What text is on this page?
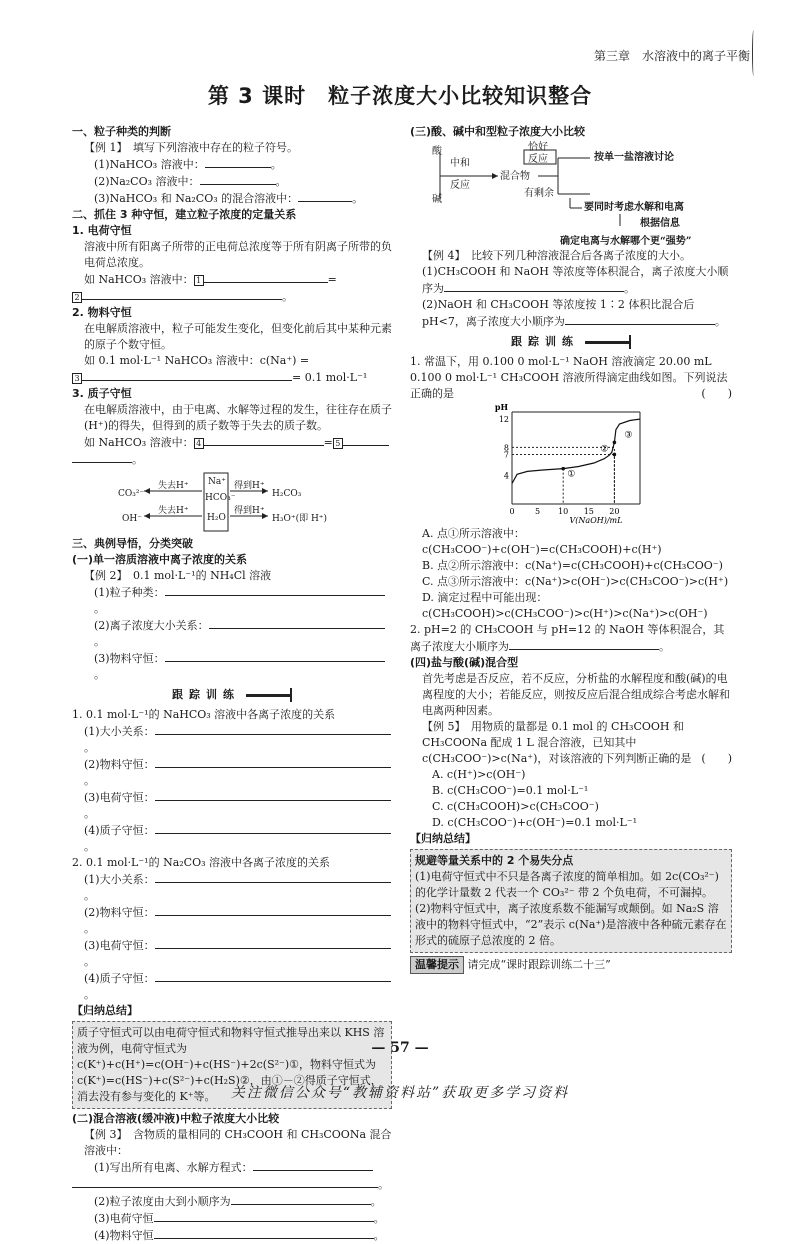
第三章　水溶液中的离子平衡
第 3 课时　粒子浓度大小比较知识整合

一、粒子种类的判断

【例 1】　填写下列溶液中存在的粒子符号。

(1)NaHCO₃ 溶液中：	。

(2)Na₂CO₃ 溶液中：	。

(3)NaHCO₃ 和 Na₂CO₃ 的混合溶液中：	。

二、抓住 3 种守恒，建立粒子浓度的定量关系

1. 电荷守恒

溶液中所有阳离子所带的正电荷总浓度等于所有阴离子所带的负电荷总浓度。

如 NaHCO₃ 溶液中： 1	=

2	。

2. 物料守恒

在电解质溶液中，粒子可能发生变化，但变化前后其中某种元素的原子个数守恒。

如 0.1 mol·L⁻¹ NaHCO₃ 溶液中：c(Na⁺) =

3	= 0.1 mol·L⁻¹

3. 质子守恒

在电解质溶液中，由于电离、水解等过程的发生，往往存在质子(H⁺)的得失，但得到的质子数等于失去的质子数。

如 NaHCO₃ 溶液中： 4	= 5

。

CO₃²⁻
OH⁻
失去H⁺
失去H⁺
Na⁺
HCO₃⁻
H₂O
得到H⁺
得到H⁺
H₂CO₃
H₃O⁺(即 H⁺)

三、典例导悟，分类突破

(一)单一溶质溶液中离子浓度的关系

【例 2】　0.1 mol·L⁻¹的 NH₄Cl 溶液

(1)粒子种类：。

(2)离子浓度大小关系：。

(3)物料守恒：。

跟踪训练

1. 0.1 mol·L⁻¹的 NaHCO₃ 溶液中各离子浓度的关系

(1)大小关系：。

(2)物料守恒：。

(3)电荷守恒：。

(4)质子守恒：。

2. 0.1 mol·L⁻¹的 Na₂CO₃ 溶液中各离子浓度的关系

(1)大小关系：。

(2)物料守恒：。

(3)电荷守恒：。

(4)质子守恒：。

【归纳总结】

质子守恒式可以由电荷守恒式和物料守恒式推导出来以 KHS 溶液为例，电荷守恒式为 c(K⁺)+c(H⁺)=c(OH⁻)+c(HS⁻)+2c(S²⁻)①，物料守恒式为 c(K⁺)=c(HS⁻)+c(S²⁻)+c(H₂S)②，由①－②得质子守恒式，消去没有参与变化的 K⁺等。

(二)混合溶液(缓冲液)中粒子浓度大小比较

【例 3】　含物质的量相同的 CH₃COOH 和 CH₃COONa 混合溶液中：

(1)写出所有电离、水解方程式：

。

(2)粒子浓度由大到小顺序为	。

(3)电荷守恒	。

(4)物料守恒	。

(三)酸、碱中和型粒子浓度大小比较

酸
碱
中和
反应
混合物
恰好
反应	按单一盐溶液讨论
有剩余
要同时考虑水解和电离
根据信息
确定电离与水解哪个更“强势”

【例 4】　比较下列几种溶液混合后各离子浓度的大小。

(1)CH₃COOH 和 NaOH 等浓度等体积混合，离子浓度大小顺序为	。

(2)NaOH 和 CH₃COOH 等浓度按 1∶2 体积比混合后 pH<7，离子浓度大小顺序为	。

跟踪训练

1. 常温下，用 0.100 0 mol·L⁻¹ NaOH 溶液滴定 20.00 mL 0.100 0 mol·L⁻¹ CH₃COOH 溶液所得滴定曲线如图。下列说法正确的是	(　　)

0	5 10 15 20
4
7
8
12
pH
V(NaOH)/mL
①
②
③

A. 点①所示溶液中：c(CH₃COO⁻)+c(OH⁻)=c(CH₃COOH)+c(H⁺)

B. 点②所示溶液中：c(Na⁺)=c(CH₃COOH)+c(CH₃COO⁻)

C. 点③所示溶液中：c(Na⁺)>c(OH⁻)>c(CH₃COO⁻)>c(H⁺)

D. 滴定过程中可能出现：c(CH₃COOH)>c(CH₃COO⁻)>c(H⁺)>c(Na⁺)>c(OH⁻)

2. pH=2 的 CH₃COOH 与 pH=12 的 NaOH 等体积混合，其离子浓度大小顺序为	。

(四)盐与酸(碱)混合型

首先考虑是否反应，若不反应，分析盐的水解程度和酸(碱)的电离程度的大小；若能反应，则按反应后混合组成综合考虑水解和电离两种因素。

【例 5】　用物质的量都是 0.1 mol 的 CH₃COOH 和 CH₃COONa 配成 1 L 混合溶液，已知其中 c(CH₃COO⁻)>c(Na⁺)，对该溶液的下列判断正确的是 (　　)

A. c(H⁺)>c(OH⁻)

B. c(CH₃COO⁻)=0.1 mol·L⁻¹

C. c(CH₃COOH)>c(CH₃COO⁻)

D. c(CH₃COO⁻)+c(OH⁻)=0.1 mol·L⁻¹

【归纳总结】

规避等量关系中的 2 个易失分点

(1)电荷守恒式中不只是各离子浓度的简单相加。如 2c(CO₃²⁻)的化学计量数 2 代表一个 CO₃²⁻ 带 2 个负电荷，不可漏掉。

(2)物料守恒式中，离子浓度系数不能漏写或颠倒。如 Na₂S 溶液中的物料守恒式中，“2”表示 c(Na⁺)是溶液中各种硫元素存在形式的硫原子总浓度的 2 倍。

温馨提示 请完成“课时跟踪训练二十三”

— 57 —
关注微信公众号“教辅资料站”获取更多学习资料
